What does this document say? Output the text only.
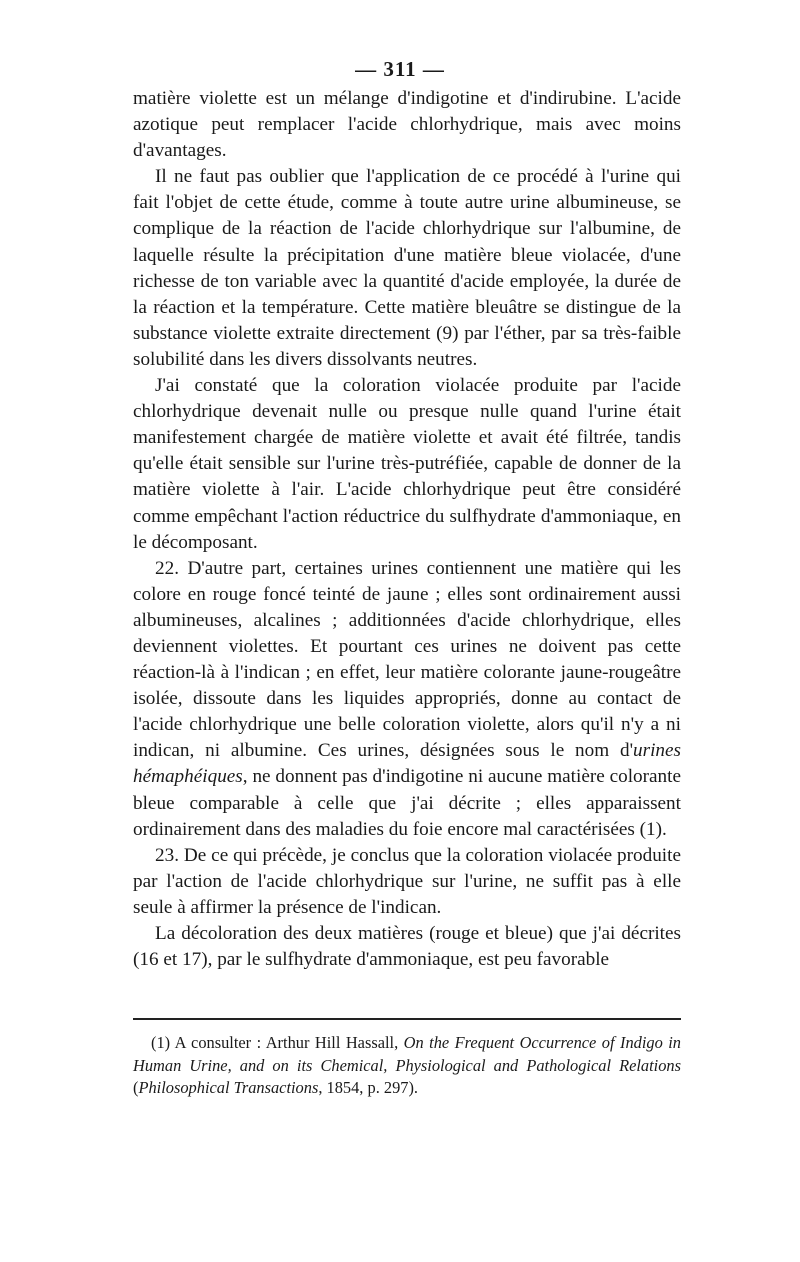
— 311 —

matière violette est un mélange d'indigotine et d'indirubine. L'acide azotique peut remplacer l'acide chlorhydrique, mais avec moins d'avantages.

Il ne faut pas oublier que l'application de ce procédé à l'urine qui fait l'objet de cette étude, comme à toute autre urine albumineuse, se complique de la réaction de l'acide chlorhydrique sur l'albumine, de laquelle résulte la précipitation d'une matière bleue violacée, d'une richesse de ton variable avec la quantité d'acide employée, la durée de la réaction et la température. Cette matière bleuâtre se distingue de la substance violette extraite directement (9) par l'éther, par sa très-faible solubilité dans les divers dissolvants neutres.

J'ai constaté que la coloration violacée produite par l'acide chlorhydrique devenait nulle ou presque nulle quand l'urine était manifestement chargée de matière violette et avait été filtrée, tandis qu'elle était sensible sur l'urine très-putréfiée, capable de donner de la matière violette à l'air. L'acide chlorhydrique peut être considéré comme empêchant l'action réductrice du sulfhydrate d'ammoniaque, en le décomposant.

22. D'autre part, certaines urines contiennent une matière qui les colore en rouge foncé teinté de jaune ; elles sont ordinairement aussi albumineuses, alcalines ; additionnées d'acide chlorhydrique, elles deviennent violettes. Et pourtant ces urines ne doivent pas cette réaction-là à l'indican ; en effet, leur matière colorante jaune-rougeâtre isolée, dissoute dans les liquides appropriés, donne au contact de l'acide chlorhydrique une belle coloration violette, alors qu'il n'y a ni indican, ni albumine. Ces urines, désignées sous le nom d'urines hémaphéiques, ne donnent pas d'indigotine ni aucune matière colorante bleue comparable à celle que j'ai décrite ; elles apparaissent ordinairement dans des maladies du foie encore mal caractérisées (1).

23. De ce qui précède, je conclus que la coloration violacée produite par l'action de l'acide chlorhydrique sur l'urine, ne suffit pas à elle seule à affirmer la présence de l'indican.

La décoloration des deux matières (rouge et bleue) que j'ai décrites (16 et 17), par le sulfhydrate d'ammoniaque, est peu favorable

(1) A consulter : Arthur Hill Hassall, On the Frequent Occurrence of Indigo in Human Urine, and on its Chemical, Physiological and Pathological Relations (Philosophical Transactions, 1854, p. 297).
